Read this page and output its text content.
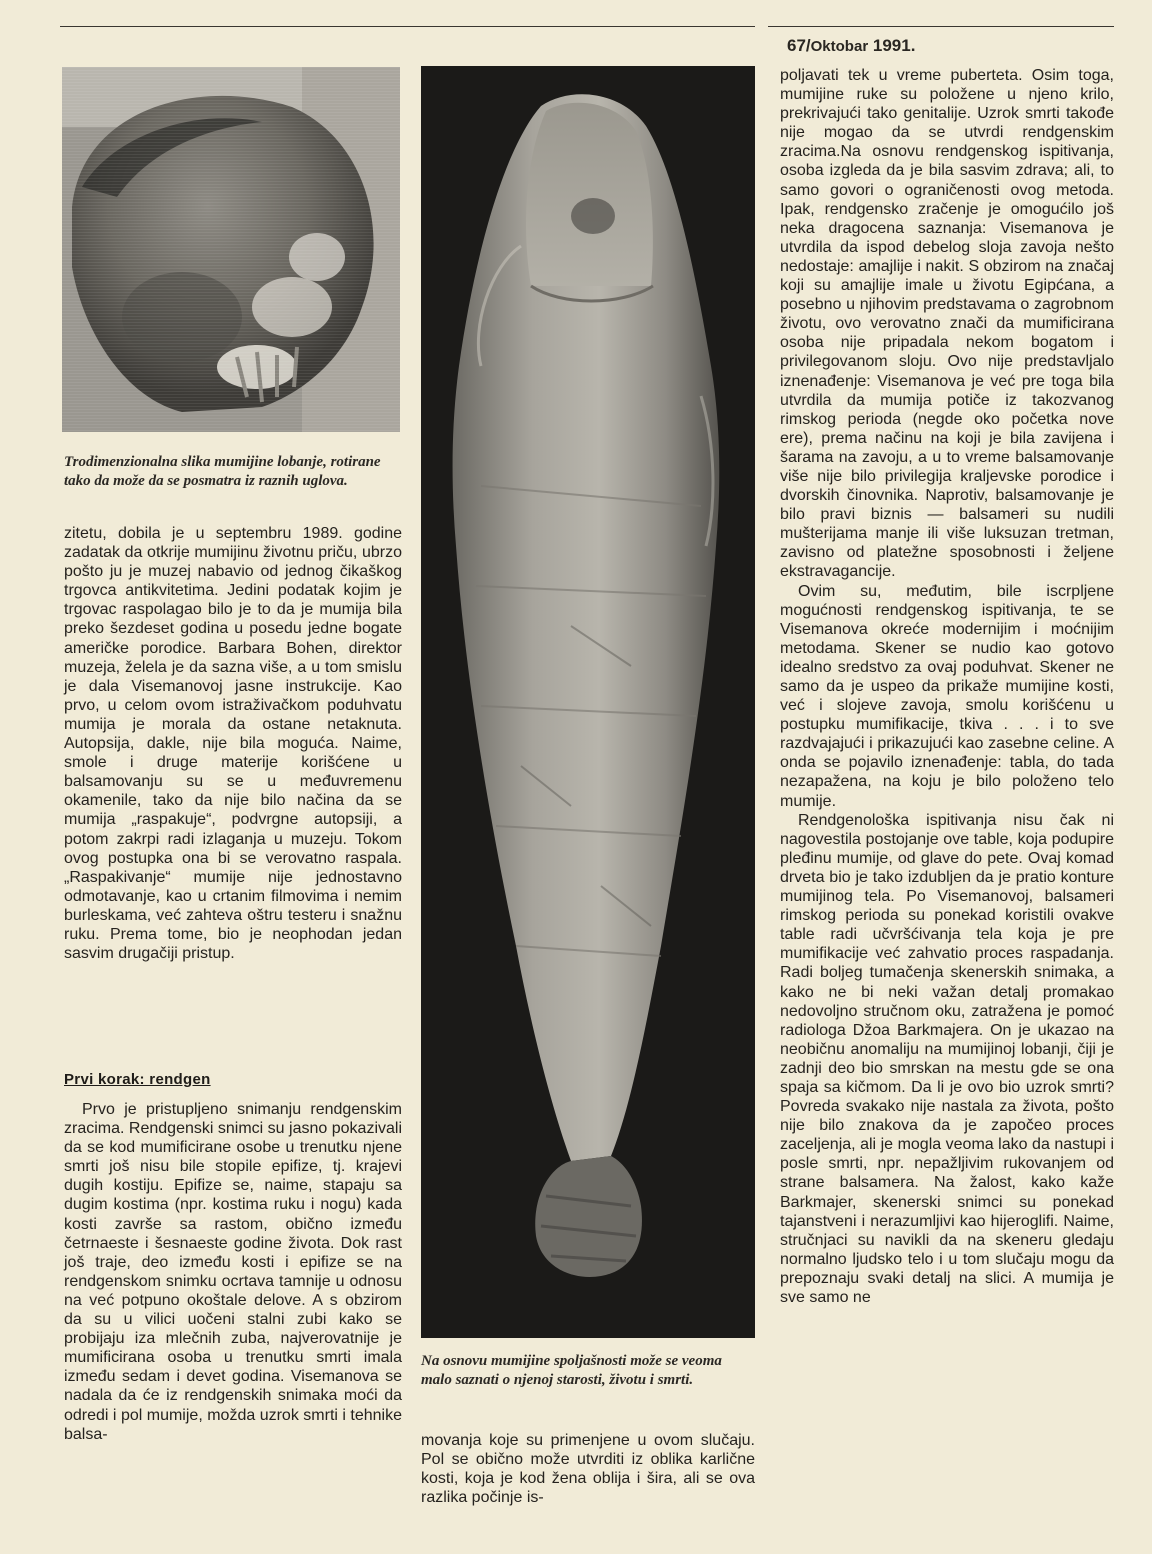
67/Oktobar 1991.

Trodimenzionalna slika mumijine lobanje, rotirane tako da može da se posmatra iz raznih uglova.

zitetu, dobila je u septembru 1989. godine zadatak da otkrije mumijinu životnu priču, ubrzo pošto ju je muzej nabavio od jednog čikaškog trgovca antikvitetima. Jedini podatak kojim je trgovac raspolagao bilo je to da je mumija bila preko šezdeset godina u posedu jedne bogate američke porodice. Barbara Bohen, direktor muzeja, želela je da sazna više, a u tom smislu je dala Visemanovoj jasne instrukcije. Kao prvo, u celom ovom istraživačkom poduhvatu mumija je morala da ostane netaknuta. Autopsija, dakle, nije bila moguća. Naime, smole i druge materije korišćene u balsamovanju su se u međuvremenu okamenile, tako da nije bilo načina da se mumija „raspakuje“, podvrgne autopsiji, a potom zakrpi radi izlaganja u muzeju. Tokom ovog postupka ona bi se verovatno raspala. „Raspakivanje“ mumije nije jednostavno odmotavanje, kao u crtanim filmovima i nemim burleskama, već zahteva oštru testeru i snažnu ruku. Prema tome, bio je neophodan jedan sasvim drugačiji pristup.

Prvi korak: rendgen

Prvo je pristupljeno snimanju rendgenskim zracima. Rendgenski snimci su jasno pokazivali da se kod mumificirane osobe u trenutku njene smrti još nisu bile stopile epifize, tj. krajevi dugih kostiju. Epifize se, naime, stapaju sa dugim kostima (npr. kostima ruku i nogu) kada kosti završe sa rastom, obično između četrnaeste i šesnaeste godine života. Dok rast još traje, deo između kosti i epifize se na rendgenskom snimku ocrtava tamnije u odnosu na već potpuno okoštale delove. A s obzirom da su u vilici uočeni stalni zubi kako se probijaju iza mlečnih zuba, najverovatnije je mumificirana osoba u trenutku smrti imala između sedam i devet godina. Visemanova se nadala da će iz rendgenskih snimaka moći da odredi i pol mumije, možda uzrok smrti i tehnike balsa-

Na osnovu mumijine spoljašnosti može se veoma malo saznati o njenoj starosti, životu i smrti.

movanja koje su primenjene u ovom slučaju. Pol se obično može utvrditi iz oblika karlične kosti, koja je kod žena oblija i šira, ali se ova razlika počinje is-

poljavati tek u vreme puberteta. Osim toga, mumijine ruke su položene u njeno krilo, prekrivajući tako genitalije. Uzrok smrti takođe nije mogao da se utvrdi rendgenskim zracima.Na osnovu rendgenskog ispitivanja, osoba izgleda da je bila sasvim zdrava; ali, to samo govori o ograničenosti ovog metoda. Ipak, rendgensko zračenje je omogućilo još neka dragocena saznanja: Visemanova je utvrdila da ispod debelog sloja zavoja nešto nedostaje: amajlije i nakit. S obzirom na značaj koji su amajlije imale u životu Egipćana, a posebno u njihovim predstavama o zagrobnom životu, ovo verovatno znači da mumificirana osoba nije pripadala nekom bogatom i privilegovanom sloju. Ovo nije predstavljalo iznenađenje: Visemanova je već pre toga bila utvrdila da mumija potiče iz takozvanog rimskog perioda (negde oko početka nove ere), prema načinu na koji je bila zavijena i šarama na zavoju, a u to vreme balsamovanje više nije bilo privilegija kraljevske porodice i dvorskih činovnika. Naprotiv, balsamovanje je bilo pravi biznis — balsameri su nudili mušterijama manje ili više luksuzan tretman, zavisno od platežne sposobnosti i željene ekstravagancije.

Ovim su, međutim, bile iscrpljene mogućnosti rendgenskog ispitivanja, te se Visemanova okreće modernijim i moćnijim metodama. Skener se nudio kao gotovo idealno sredstvo za ovaj poduhvat. Skener ne samo da je uspeo da prikaže mumijine kosti, već i slojeve zavoja, smolu korišćenu u postupku mumifikacije, tkiva . . . i to sve razdvajajući i prikazujući kao zasebne celine. A onda se pojavilo iznenađenje: tabla, do tada nezapažena, na koju je bilo položeno telo mumije.

Rendgenološka ispitivanja nisu čak ni nagovestila postojanje ove table, koja podupire pleđinu mumije, od glave do pete. Ovaj komad drveta bio je tako izdubljen da je pratio konture mumijinog tela. Po Visemanovoj, balsameri rimskog perioda su ponekad koristili ovakve table radi učvršćivanja tela koja je pre mumifikacije već zahvatio proces raspadanja. Radi boljeg tumačenja skenerskih snimaka, a kako ne bi neki važan detalj promakao nedovoljno stručnom oku, zatražena je pomoć radiologa Džoa Barkmajera. On je ukazao na neobičnu anomaliju na mumijinoj lobanji, čiji je zadnji deo bio smrskan na mestu gde se ona spaja sa kičmom. Da li je ovo bio uzrok smrti? Povreda svakako nije nastala za života, pošto nije bilo znakova da je započeo proces zaceljenja, ali je mogla veoma lako da nastupi i posle smrti, npr. nepažljivim rukovanjem od strane balsamera. Na žalost, kako kaže Barkmajer, skenerski snimci su ponekad tajanstveni i nerazumljivi kao hijeroglifi. Naime, stručnjaci su navikli da na skeneru gledaju normalno ljudsko telo i u tom slučaju mogu da prepoznaju svaki detalj na slici. A mumija je sve samo ne
